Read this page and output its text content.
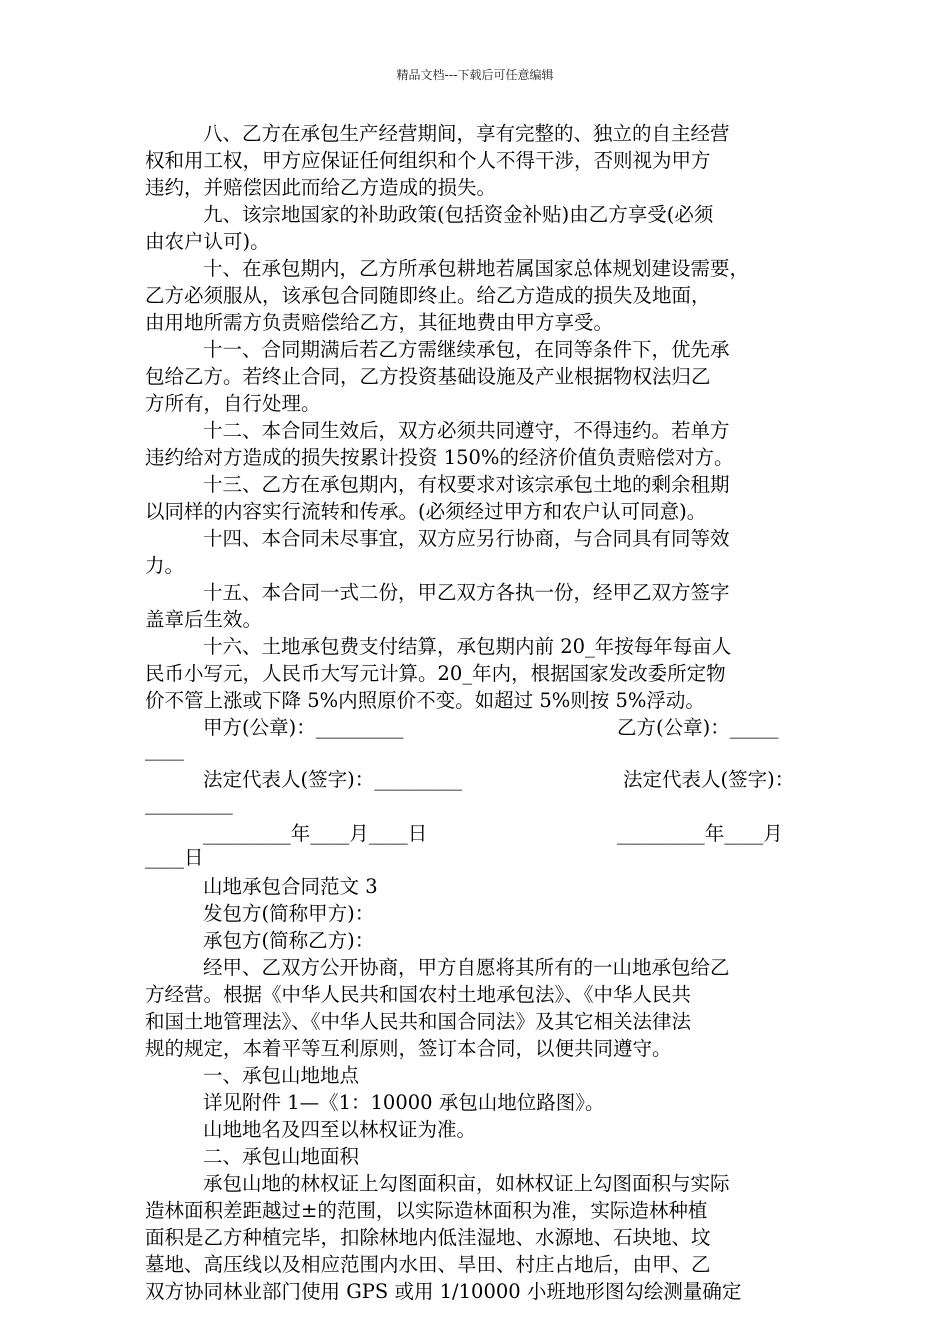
精品文档---下载后可任意编辑
八、乙方在承包生产经营期间，享有完整的、独立的自主经营
权和用工权，甲方应保证任何组织和个人不得干涉，否则视为甲方
违约，并赔偿因此而给乙方造成的损失。
九、该宗地国家的补助政策(包括资金补贴)由乙方享受(必须
由农户认可)。
十、在承包期内，乙方所承包耕地若属国家总体规划建设需要，
乙方必须服从，该承包合同随即终止。给乙方造成的损失及地面，
由用地所需方负责赔偿给乙方，其征地费由甲方享受。
十一、合同期满后若乙方需继续承包，在同等条件下，优先承
包给乙方。若终止合同，乙方投资基础设施及产业根据物权法归乙
方所有，自行处理。
十二、本合同生效后，双方必须共同遵守，不得违约。若单方
违约给对方造成的损失按累计投资 150%的经济价值负责赔偿对方。
十三、乙方在承包期内，有权要求对该宗承包土地的剩余租期
以同样的内容实行流转和传承。(必须经过甲方和农户认可同意)。
十四、本合同未尽事宜，双方应另行协商，与合同具有同等效
力。
十五、本合同一式二份，甲乙双方各执一份，经甲乙双方签字
盖章后生效。
十六、土地承包费支付结算，承包期内前 20_年按每年每亩人
民币小写元，人民币大写元计算。20_年内，根据国家发改委所定物
价不管上涨或下降 5%内照原价不变。如超过 5%则按 5%浮动。

甲方(公章)：_________

	乙方(公章)：_____

____

法定代表人(签字)：_________

	法定代表人(签字)：

_________

_________年____月____日

	_________年____月

____日
山地承包合同范文 3
发包方(简称甲方)：
承包方(简称乙方)：
经甲、乙双方公开协商，甲方自愿将其所有的一山地承包给乙
方经营。根据《中华人民共和国农村土地承包法》、《中华人民共
和国土地管理法》、《中华人民共和国合同法》及其它相关法律法
规的规定，本着平等互利原则，签订本合同，以便共同遵守。
一、承包山地地点
详见附件 1—《1：10000 承包山地位路图》。
山地地名及四至以林权证为准。
二、承包山地面积
承包山地的林权证上勾图面积亩，如林权证上勾图面积与实际
造林面积差距越过±的范围，以实际造林面积为准，实际造林种植
面积是乙方种植完毕，扣除林地内低洼湿地、水源地、石块地、坟
墓地、高压线以及相应范围内水田、旱田、村庄占地后，由甲、乙
双方协同林业部门使用 GPS 或用 1/10000 小班地形图勾绘测量确定
